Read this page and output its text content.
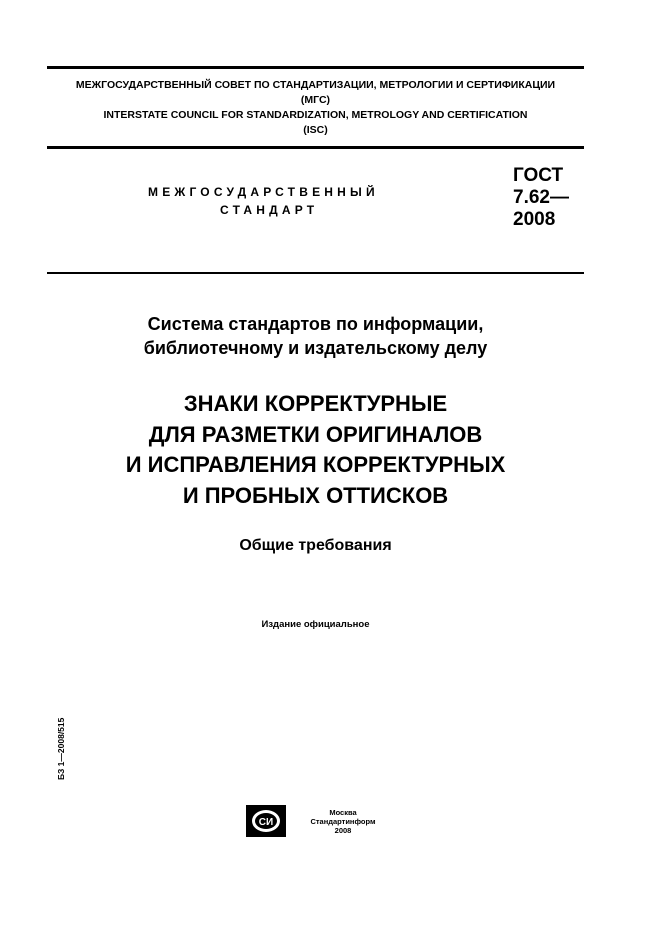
МЕЖГОСУДАРСТВЕННЫЙ СОВЕТ ПО СТАНДАРТИЗАЦИИ, МЕТРОЛОГИИ И СЕРТИФИКАЦИИ
(МГС)
INTERSTATE COUNCIL FOR STANDARDIZATION, METROLOGY AND CERTIFICATION
(ISC)
МЕЖГОСУДАРСТВЕННЫЙ
СТАНДАРТ
ГОСТ
7.62—
2008
Система стандартов по информации,
библиотечному и издательскому делу
ЗНАКИ КОРРЕКТУРНЫЕ
ДЛЯ РАЗМЕТКИ ОРИГИНАЛОВ
И ИСПРАВЛЕНИЯ КОРРЕКТУРНЫХ
И ПРОБНЫХ ОТТИСКОВ
Общие требования
Издание официальное
БЗ 1—2008/515
СИ
Москва
Стандартинформ
2008
